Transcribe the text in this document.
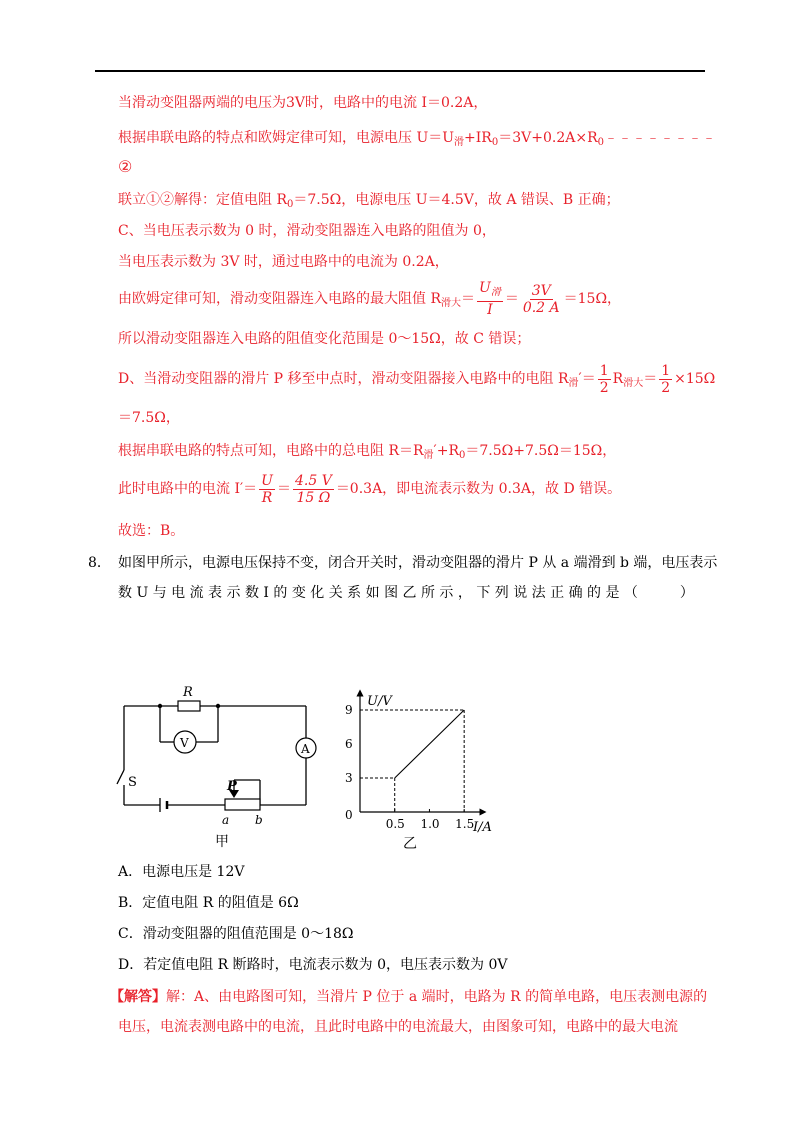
当滑动变阻器两端的电压为3V时，电路中的电流 I＝0.2A，
根据串联电路的特点和欧姆定律可知，电源电压 $U=U_滑+IR_0=3V+0.2A\times R_0﹣﹣﹣﹣﹣﹣﹣﹣$
②
联立①②解得：定值电阻 $R_0=7.5\Omega$，电源电压 U＝4.5V，故 A 错误、B 正确；
C、当电压表示数为 0 时，滑动变阻器连入电路的阻值为 0，
当电压表示数为 3V 时，通过电路中的电流为 0.2A，
由欧姆定律可知，滑动变阻器连入电路的最大阻值 $R_{滑大}= \frac{U_滑}{I} = \frac{3V}{0.2 A} =15\Omega$，
所以滑动变阻器连入电路的阻值变化范围是 0～15Ω，故 C 错误；
D、当滑动变阻器的滑片 P 移至中点时，滑动变阻器接入电路中的电阻 $R_滑'= \frac{1}{2} R_{滑大}= \frac{1}{2} \times 15\Omega$
＝7.5Ω，
根据串联电路的特点可知，电路中的总电阻 $R=R_滑'+R_0=7.5\Omega+7.5\Omega=15\Omega$，
此时电路中的电流 $I'= \frac{U}{R} = \frac{4.5 V}{15 \Omega} =0.3A$，即电流表示数为 0.3A，故 D 错误。
故选：B。
8． 如图甲所示，电源电压保持不变，闭合开关时，滑动变阻器的滑片 P 从 a 端滑到 b 端，电压表示
数 U 与 电 流 表 示 数 I 的 变 化 关 系 如 图 乙 所 示 ， 下 列 说 法 正 确 的 是 （　　　）
R
V	A
S	P
a b
甲
U/V
I/A
0
0.5 1.0 1.5
3
6
9
乙
A．电源电压是 12V
B．定值电阻 R 的阻值是 6Ω
C．滑动变阻器的阻值范围是 0～18Ω
D．若定值电阻 R 断路时，电流表示数为 0，电压表示数为 0V
【解答】解：A、由电路图可知，当滑片 P 位于 a 端时，电路为 R 的简单电路，电压表测电源的
电压，电流表测电路中的电流，且此时电路中的电流最大，由图象可知，电路中的最大电流
